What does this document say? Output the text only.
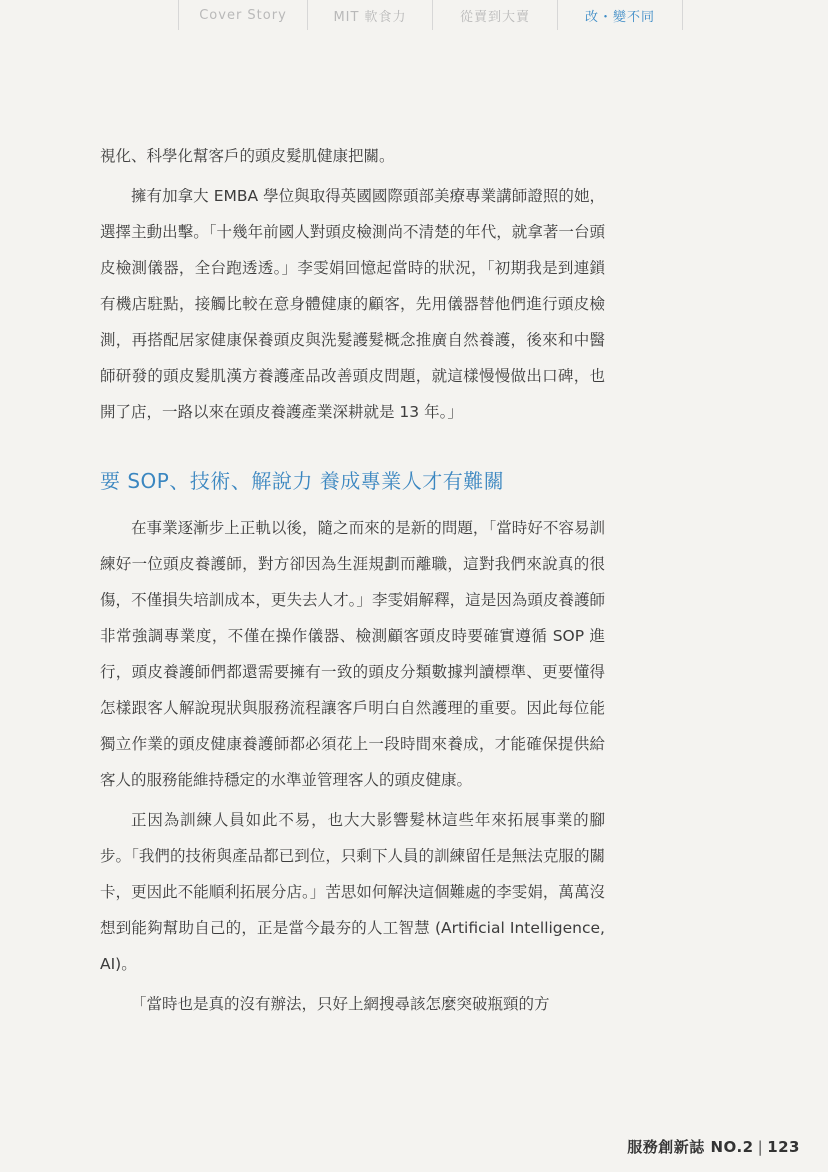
Cover Story	MIT 軟食力	從賣到大賣	改・變不同

視化、科學化幫客戶的頭皮髮肌健康把關。

擁有加拿大 EMBA 學位與取得英國國際頭部美療專業講師證照的她，選擇主動出擊。「十幾年前國人對頭皮檢測尚不清楚的年代，就拿著一台頭皮檢測儀器，全台跑透透。」李雯娟回憶起當時的狀況，「初期我是到連鎖有機店駐點，接觸比較在意身體健康的顧客，先用儀器替他們進行頭皮檢測，再搭配居家健康保養頭皮與洗髮護髮概念推廣自然養護，後來和中醫師研發的頭皮髮肌漢方養護產品改善頭皮問題，就這樣慢慢做出口碑，也開了店，一路以來在頭皮養護產業深耕就是 13 年。」

要 SOP、技術、解說力 養成專業人才有難關

在事業逐漸步上正軌以後，隨之而來的是新的問題，「當時好不容易訓練好一位頭皮養護師，對方卻因為生涯規劃而離職，這對我們來說真的很傷，不僅損失培訓成本，更失去人才。」李雯娟解釋，這是因為頭皮養護師非常強調專業度，不僅在操作儀器、檢測顧客頭皮時要確實遵循 SOP 進行，頭皮養護師們都還需要擁有一致的頭皮分類數據判讀標準、更要懂得怎樣跟客人解說現狀與服務流程讓客戶明白自然護理的重要。因此每位能獨立作業的頭皮健康養護師都必須花上一段時間來養成，才能確保提供給客人的服務能維持穩定的水準並管理客人的頭皮健康。

正因為訓練人員如此不易，也大大影響髮林這些年來拓展事業的腳步。「我們的技術與產品都已到位，只剩下人員的訓練留任是無法克服的關卡，更因此不能順利拓展分店。」苦思如何解決這個難處的李雯娟，萬萬沒想到能夠幫助自己的，正是當今最夯的人工智慧 (Artificial Intelligence, AI)。

「當時也是真的沒有辦法，只好上網搜尋該怎麼突破瓶頸的方

服務創新誌 NO.2 | 123
